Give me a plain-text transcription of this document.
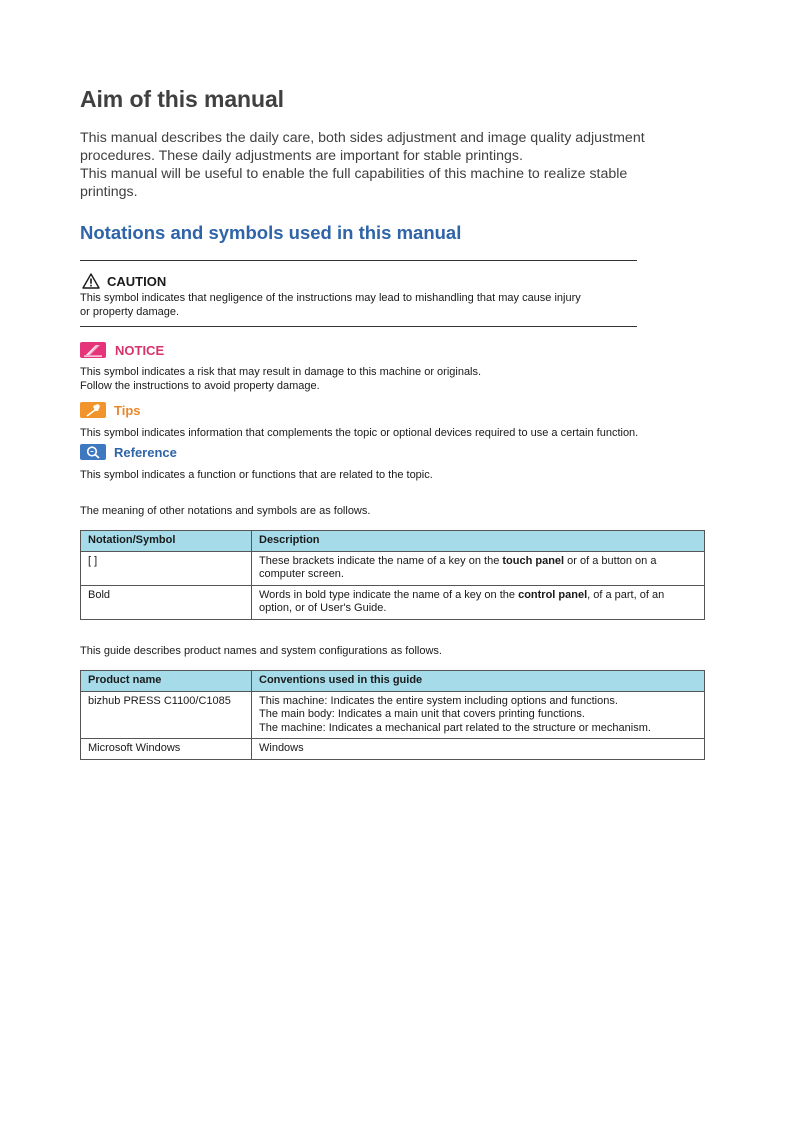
Aim of this manual

This manual describes the daily care, both sides adjustment and image quality adjustment

procedures. These daily adjustments are important for stable printings.

This manual will be useful to enable the full capabilities of this machine to realize stable

printings.

Notations and symbols used in this manual
CAUTION
This symbol indicates that negligence of the instructions may lead to mishandling that may cause injury
or property damage.
NOTICE
This symbol indicates a risk that may result in damage to this machine or originals.
Follow the instructions to avoid property damage.
Tips
This symbol indicates information that complements the topic or optional devices required to use a certain function.
Reference
This symbol indicates a function or functions that are related to the topic.
The meaning of other notations and symbols are as follows.
Notation/Symbol	Description
[ ]	These brackets indicate the name of a key on the touch panel or of a button on a computer screen.
Bold	Words in bold type indicate the name of a key on the control panel, of a part, of an option, or of User's Guide.
This guide describes product names and system configurations as follows.
Product name	Conventions used in this guide
bizhub PRESS C1100/C1085	This machine: Indicates the entire system including options and functions.
The main body: Indicates a main unit that covers printing functions.
The machine: Indicates a mechanical part related to the structure or mechanism.

Microsoft Windows	Windows
